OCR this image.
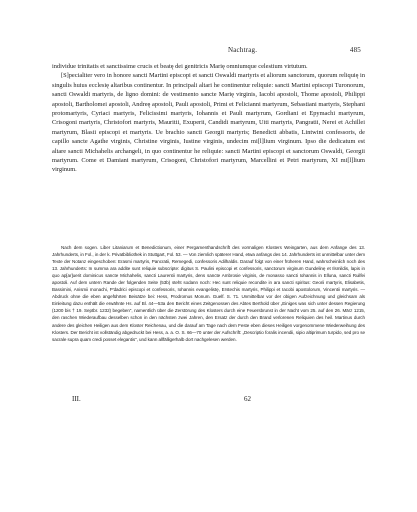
Nachtrag.	485

individue trinitatis et sanctissime crucis et beatę dei genitricis Marię omniumque celestium virtutum.

[S]pecialiter vero in honore sancti Martini episcopi et sancti Oswaldi martyris et aliorum sanctorum, quorum reliquię in singulis huius ecclesię altaribus continentur. In principali altari he continentur reliquie: sancti Martini episcopi Turonorum, sancti Oswaldi martyris, de ligno domini: de vestimento sancte Marię virginis, Iacobi apostoli, Thome apostoli, Philippi apostoli, Bartholomei apostoli, Andreę apostoli, Pauli apostoli, Primi et Felicianni martyrum, Sebastiani martyris, Stephani protomartyris, Cyriaci martyris, Felicissimi martyris, Iohannis et Pauli martyrum, Gordiani et Epymachi martyrum, Crisogoni martyris, Christofori martyris, Mauritii, Exuperii, Candidi martyrum, Uiti martyris, Pangratii, Nerei et Achillei martyrum, Blasii episcopi et martyris. Ue brachio sancti Georgii martyris; Benedicti abbatis, Lintwini confessoris, de capillo sancte Agathe virginis, Christine virginis, Iustine virginis, undecim mi[l]lium virginum. Ipso die dedicatum est altare sancti Michahelis archangeli, in quo continentur he reliquie: sancti Martini episcopi et sanctorum Oswaldi, Georgii martyrum. Come et Damiani martyrum, Crisogoni, Christofori martyrum, Marcellini et Petri martyrum, XI mi[l]lium virginum.

Nach dem sogen. Liber Litaniarum et Benedictionum, einer Pergamenthandschrift des vormaligen Klosters Weingarten, aus dem Anfange des 13. Jahrhunderts, in Fol., in der k. Privatbibliothek in Stuttgart, Fol. 53. — Von ziemlich späterer Hand, etwa anfangs des 14. Jahrhunderts ist unmittelbar unter dem Texte der Notanz eingeschoben: Erasmi martyris, Pancratii, Remegedi, confessoris Adilhaldis. Darauf folgt von einer früheren Hand, wahrscheinlich noch des 13. Jahrhunderts: In summa ara addite sunt reliquie subscripte: digitus S. Paulini episcopi et confessoris, sanctorum virginum Gundelinę et Ilsmildis, lapis in quo ap[ar]uerit dominicus sancte Michahelis, sancti Laurentii martyris, dens sancte Ambrosie virginis, de monasso sancti Iohannis in Elluna, sancti Ruilfei apostoli. Auf dem untern Rande der folgenden Seite (53b) steht sodann noch: Hec sunt reliquie recondite in ara sancti spiritus: Georii martyris, Elisabetis, Bassimini, Anismii monachi, P'dadrici episcopi et confessoris, Iohannis evangelistę, Erstechis martyris, Philippi et Iacobi apostolorum, Vincentii martyris. — Abdruck ohne die eben angeführten Beisätze bei: Hess, Prodromus Monum. Guelf. S. 71. Unmittelbar vor der obigen Aufzeichnung und gleichsam als Einleitung dazu enthält die erwähnte Hs. auf Bl. 44—53a den Bericht eines Zeitgenossen des Abtes Berthold über „Einiges was sich unter dessen Regierung (1200 bis † 19. Septbr. 1232) begeben“, namentlich über die Zerstörung des Klosters durch eine Feuersbrunst in der Nacht vom 25. auf den 26. März 1215, den raschen Wiederaufbau desselben schon in den nächsten zwei Jahren, den Ersatz der durch den Brand verlorenen Reliquien des heil. Martinus durch andere des gleichen Heiligen aus dem Kloster Reichenau, und die darauf am Tage nach dem Feste eben dieses Heiligen vorgenommene Wiederweihung des Klosters. Der Bericht ist vollständig abgedruckt bei Hess, a. a. O. S. 66—70 unter der Aufschrift: „Descriptio foralis incendii, sipio altiprimum turpido, sed pro se sacrale supra quam credi posset elegantis“, und kann allfälligerhalb dort nachgelesen werden.

III.	62
